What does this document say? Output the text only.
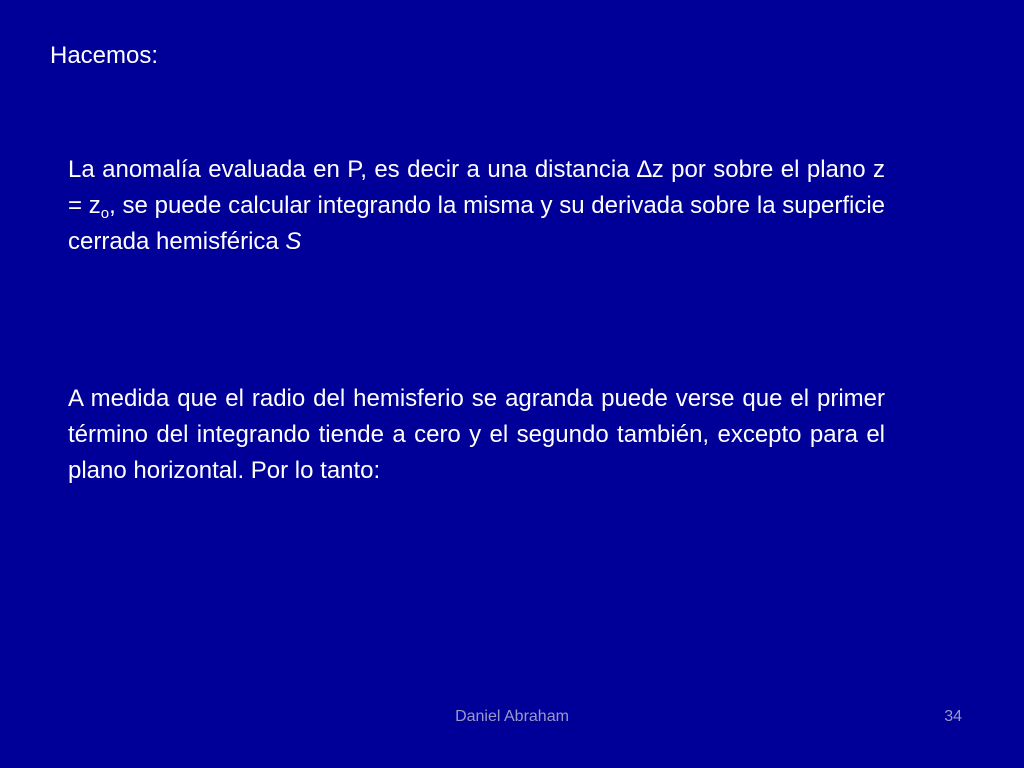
Hacemos:
La anomalía evaluada en P, es decir a una distancia ∆z por sobre el plano $z = z_o$, se puede calcular integrando la misma y su derivada sobre la superficie cerrada hemisférica S
A medida que el radio del hemisferio se agranda puede verse que el primer término del integrando tiende a cero y el segundo también, excepto para el plano horizontal. Por lo tanto:
Daniel Abraham	34
